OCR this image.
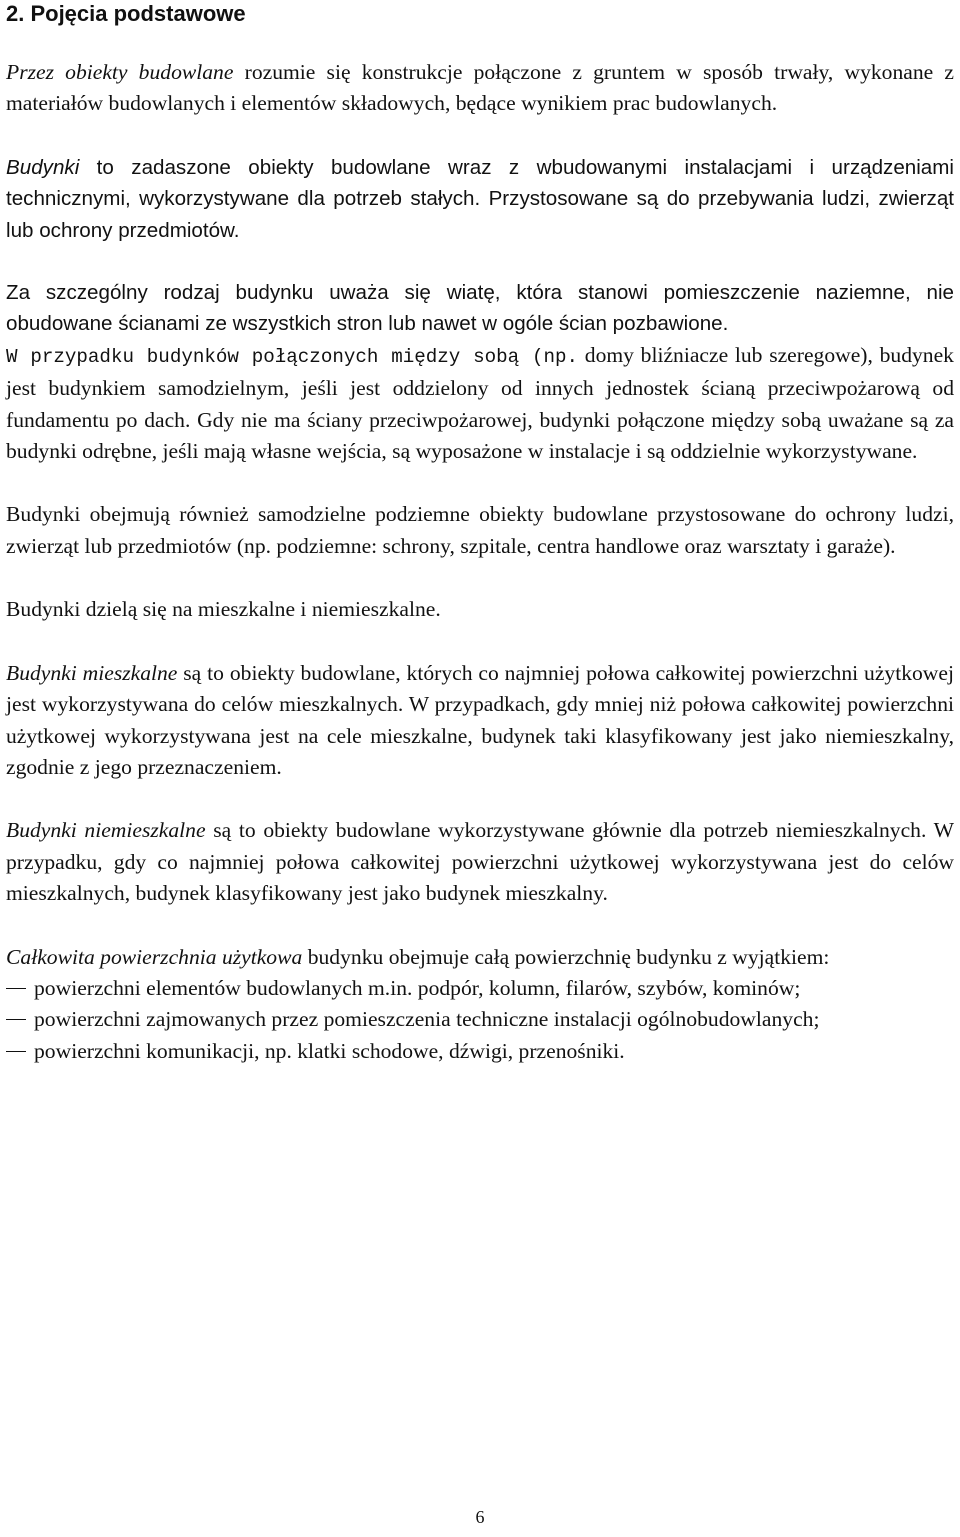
2. Pojęcia podstawowe

Przez obiekty budowlane rozumie się konstrukcje połączone z gruntem w sposób trwały, wykonane z materiałów budowlanych i elementów składowych, będące wynikiem prac budowlanych.

Budynki to zadaszone obiekty budowlane wraz z wbudowanymi instalacjami i urządzeniami technicznymi, wykorzystywane dla potrzeb stałych. Przystosowane są do przebywania ludzi, zwierząt lub ochrony przedmiotów.

Za szczególny rodzaj budynku uważa się wiatę, która stanowi pomieszczenie naziemne, nie obudowane ścianami ze wszystkich stron lub nawet w ogóle ścian pozbawione.

W przypadku budynków połączonych między sobą (np. domy bliźniacze lub szeregowe), budynek jest budynkiem samodzielnym, jeśli jest oddzielony od innych jednostek ścianą przeciwpożarową od fundamentu po dach. Gdy nie ma ściany przeciwpożarowej, budynki połączone między sobą uważane są za budynki odrębne, jeśli mają własne wejścia, są wyposażone w instalacje i są oddzielnie wykorzystywane.

Budynki obejmują również samodzielne podziemne obiekty budowlane przystosowane do ochrony ludzi, zwierząt lub przedmiotów (np. podziemne: schrony, szpitale, centra handlowe oraz warsztaty i garaże).

Budynki dzielą się na mieszkalne i niemieszkalne.

Budynki mieszkalne są to obiekty budowlane, których co najmniej połowa całkowitej powierzchni użytkowej jest wykorzystywana do celów mieszkalnych. W przypadkach, gdy mniej niż połowa całkowitej powierzchni użytkowej wykorzystywana jest na cele mieszkalne, budynek taki klasyfikowany jest jako niemieszkalny, zgodnie z jego przeznaczeniem.

Budynki niemieszkalne są to obiekty budowlane wykorzystywane głównie dla potrzeb niemieszkalnych. W przypadku, gdy co najmniej połowa całkowitej powierzchni użytkowej wykorzystywana jest do celów mieszkalnych, budynek klasyfikowany jest jako budynek mieszkalny.

Całkowita powierzchnia użytkowa budynku obejmuje całą powierzchnię budynku z wyjątkiem:

powierzchni elementów budowlanych m.in. podpór, kolumn, filarów, szybów, kominów;
powierzchni zajmowanych przez pomieszczenia techniczne instalacji ogólnobudowlanych;
powierzchni komunikacji, np. klatki schodowe, dźwigi, przenośniki.
6
